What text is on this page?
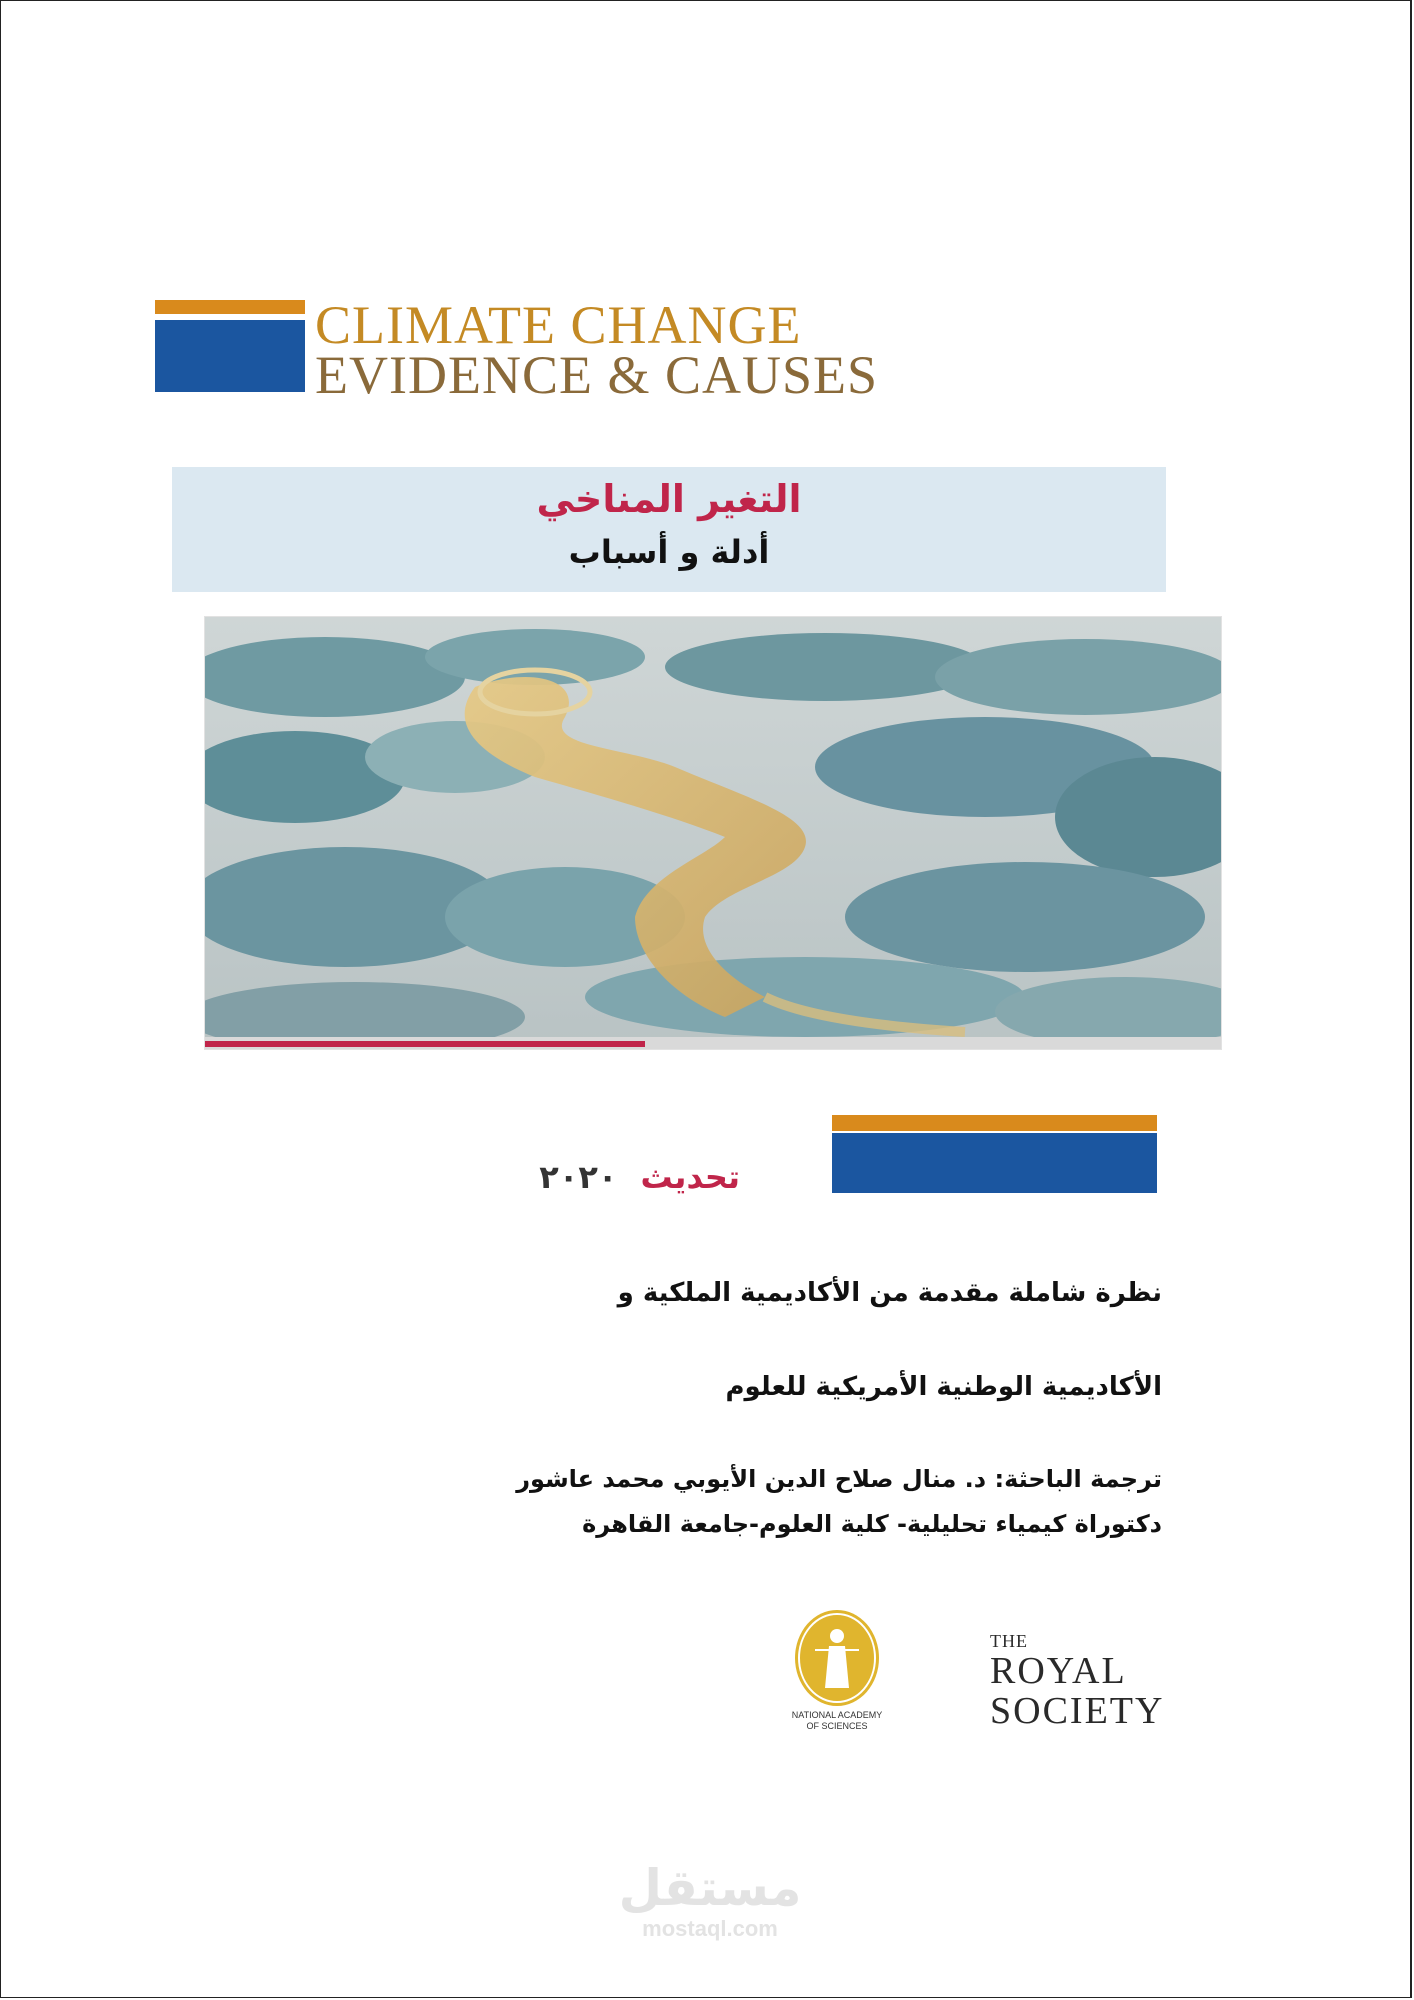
CLIMATE CHANGE
EVIDENCE & CAUSES
التغير المناخي
أدلة و أسباب
تحديث ٢٠٢٠
نظرة شاملة مقدمة من الأكاديمية الملكية و
الأكاديمية الوطنية الأمريكية للعلوم
ترجمة الباحثة: د. منال صلاح الدين الأيوبي محمد عاشور
دكتوراة كيمياء تحليلية- كلية العلوم-جامعة القاهرة
NATIONAL ACADEMY
OF SCIENCES
THE
ROYAL
SOCIETY
مستقل
mostaql.com
